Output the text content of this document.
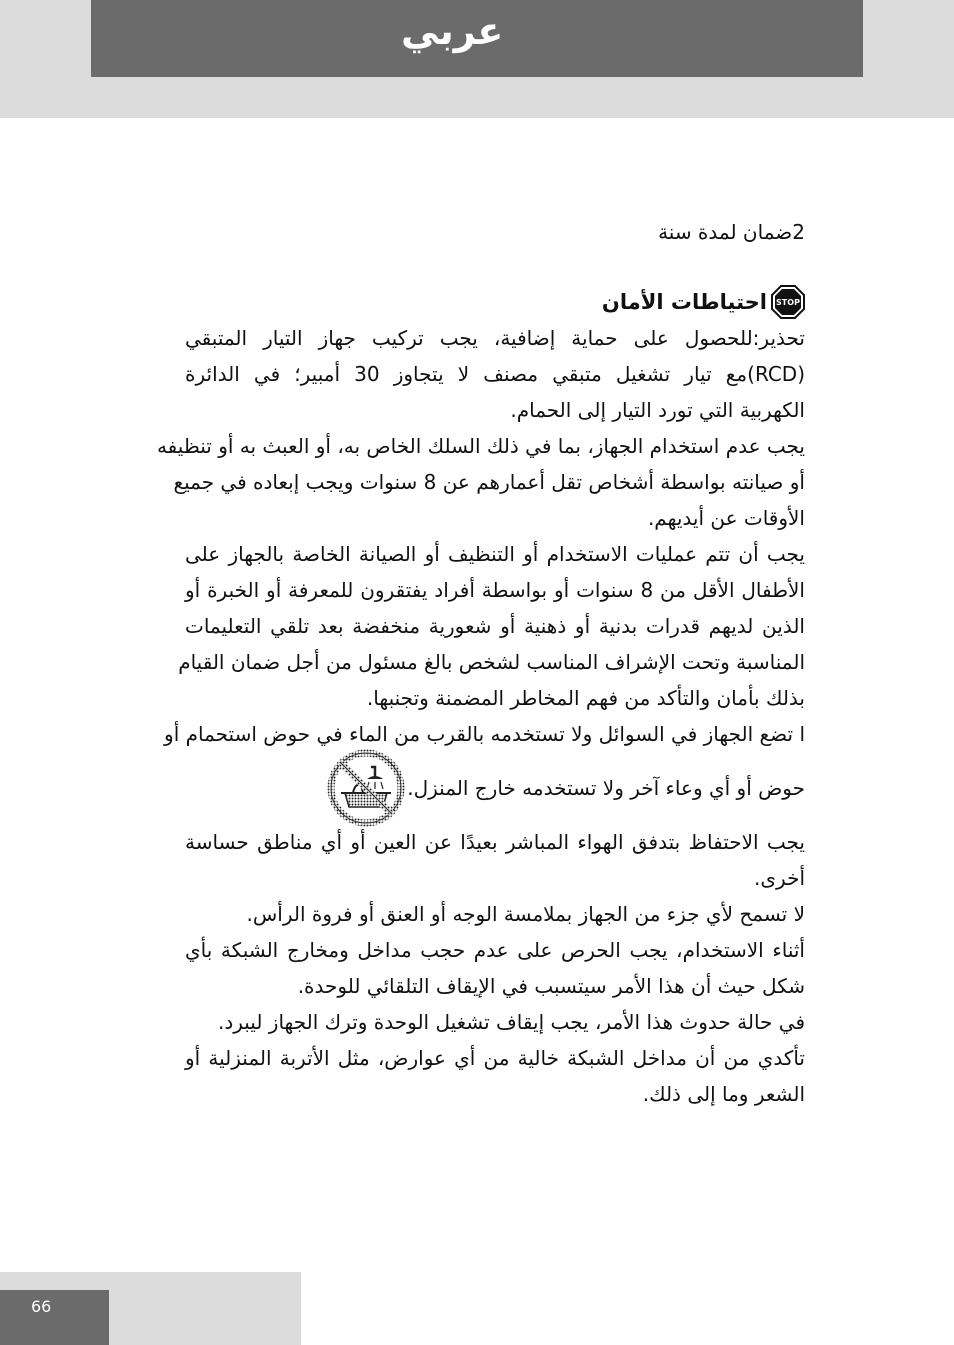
عربي
2ضمان لمدة سنة
STOP
احتياطات الأمان

تحذير:للحصول على حماية إضافية، يجب تركيب جهاز التيار المتبقي

(RCD)مع تيار تشغيل متبقي مصنف لا يتجاوز 30 أمبير؛ في الدائرة

الكهربية التي تورد التيار إلى الحمام.

يجب عدم استخدام الجهاز، بما في ذلك السلك الخاص به، أو العبث به أو تنظيفه

أو صيانته بواسطة أشخاص تقل أعمارهم عن 8 سنوات ويجب إبعاده في جميع

الأوقات عن أيديهم.

يجب أن تتم عمليات الاستخدام أو التنظيف أو الصيانة الخاصة بالجهاز على

الأطفال الأقل من 8 سنوات أو بواسطة أفراد يفتقرون للمعرفة أو الخبرة أو

الذين لديهم قدرات بدنية أو ذهنية أو شعورية منخفضة بعد تلقي التعليمات

المناسبة وتحت الإشراف المناسب لشخص بالغ مسئول من أجل ضمان القيام

بذلك بأمان والتأكد من فهم المخاطر المضمنة وتجنبها.

ا تضع الجهاز في السوائل ولا تستخدمه بالقرب من الماء في حوض استحمام أو

حوض أو أي وعاء آخر ولا تستخدمه خارج المنزل.

يجب الاحتفاظ بتدفق الهواء المباشر بعيدًا عن العين أو أي مناطق حساسة

أخرى.

لا تسمح لأي جزء من الجهاز بملامسة الوجه أو العنق أو فروة الرأس.

أثناء الاستخدام، يجب الحرص على عدم حجب مداخل ومخارج الشبكة بأي

شكل حيث أن هذا الأمر سيتسبب في الإيقاف التلقائي للوحدة.

في حالة حدوث هذا الأمر، يجب إيقاف تشغيل الوحدة وترك الجهاز ليبرد.

تأكدي من أن مداخل الشبكة خالية من أي عوارض، مثل الأتربة المنزلية أو

الشعر وما إلى ذلك.

66
